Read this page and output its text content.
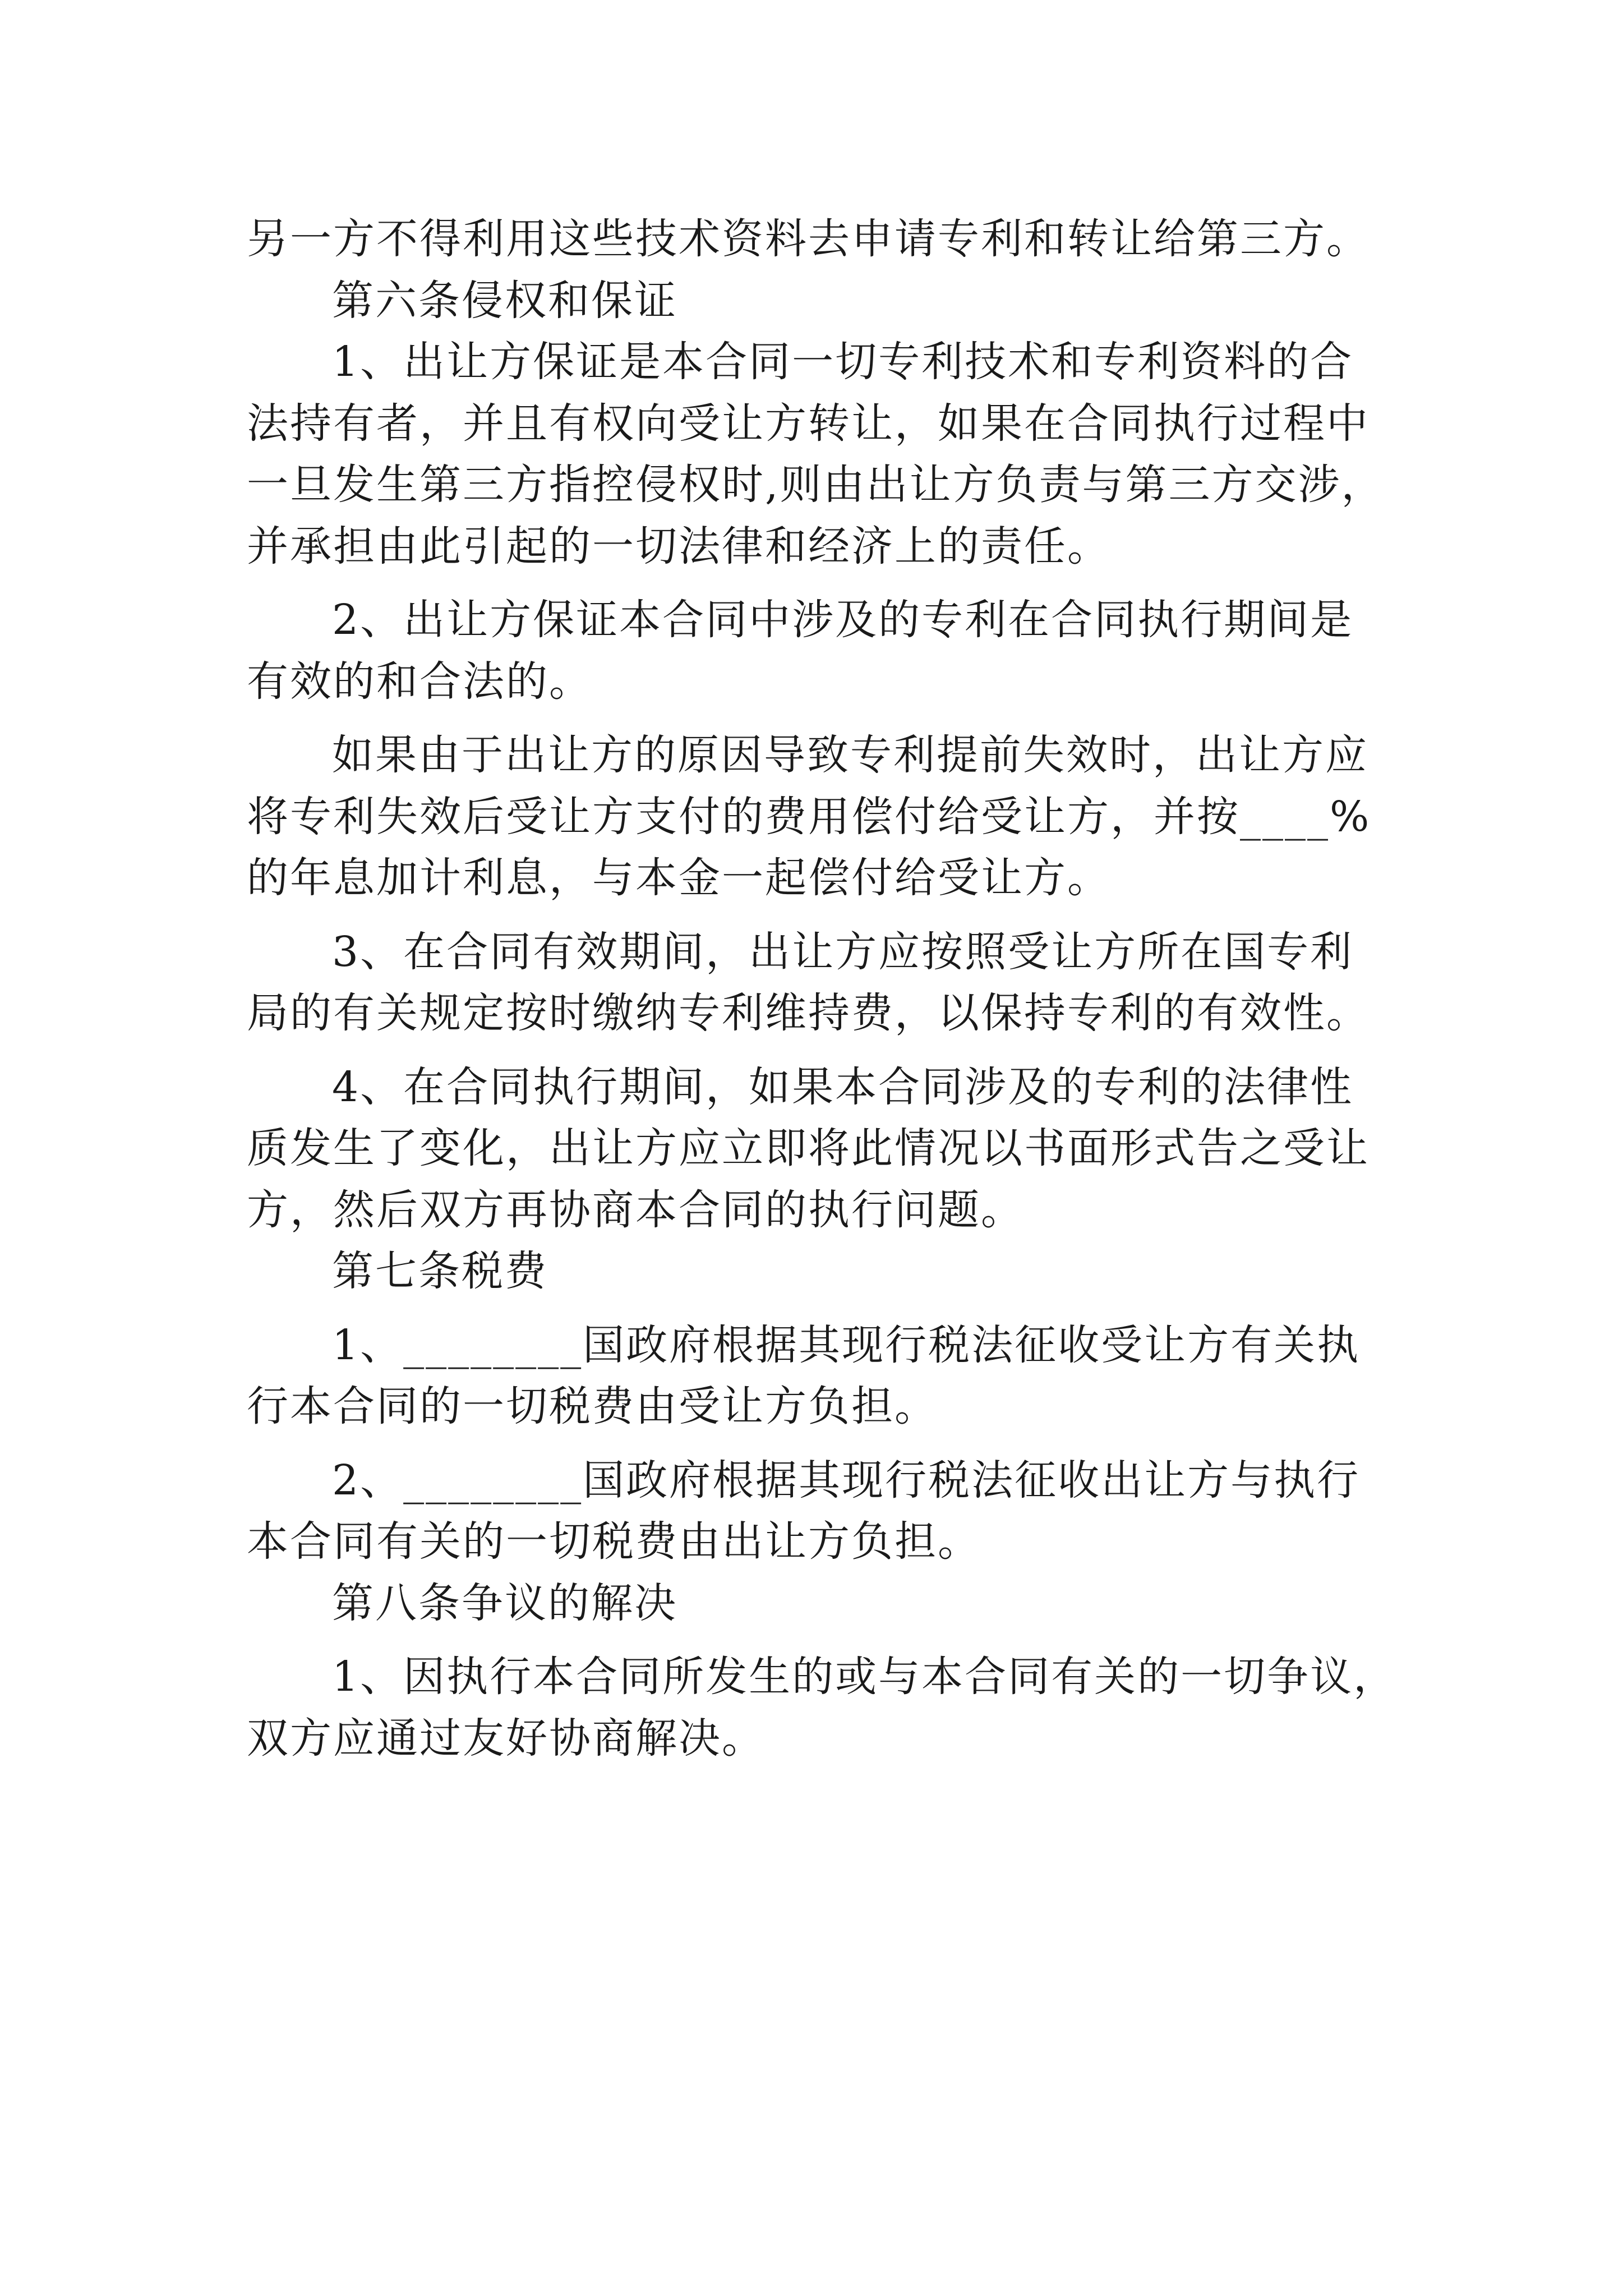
另一方不得利用这些技术资料去申请专利和转让给第三方。
第六条侵权和保证
1、出让方保证是本合同一切专利技术和专利资料的合
法持有者，并且有权向受让方转让，如果在合同执行过程中
一旦发生第三方指控侵权时,则由出让方负责与第三方交涉，
并承担由此引起的一切法律和经济上的责任。
2、出让方保证本合同中涉及的专利在合同执行期间是
有效的和合法的。
如果由于出让方的原因导致专利提前失效时，出让方应
将专利失效后受让方支付的费用偿付给受让方，并按____%
的年息加计利息，与本金一起偿付给受让方。
3、在合同有效期间，出让方应按照受让方所在国专利
局的有关规定按时缴纳专利维持费，以保持专利的有效性。
4、在合同执行期间，如果本合同涉及的专利的法律性
质发生了变化，出让方应立即将此情况以书面形式告之受让
方，然后双方再协商本合同的执行问题。
第七条税费
1、________国政府根据其现行税法征收受让方有关执
行本合同的一切税费由受让方负担。
2、________国政府根据其现行税法征收出让方与执行
本合同有关的一切税费由出让方负担。
第八条争议的解决
1、因执行本合同所发生的或与本合同有关的一切争议，
双方应通过友好协商解决。
